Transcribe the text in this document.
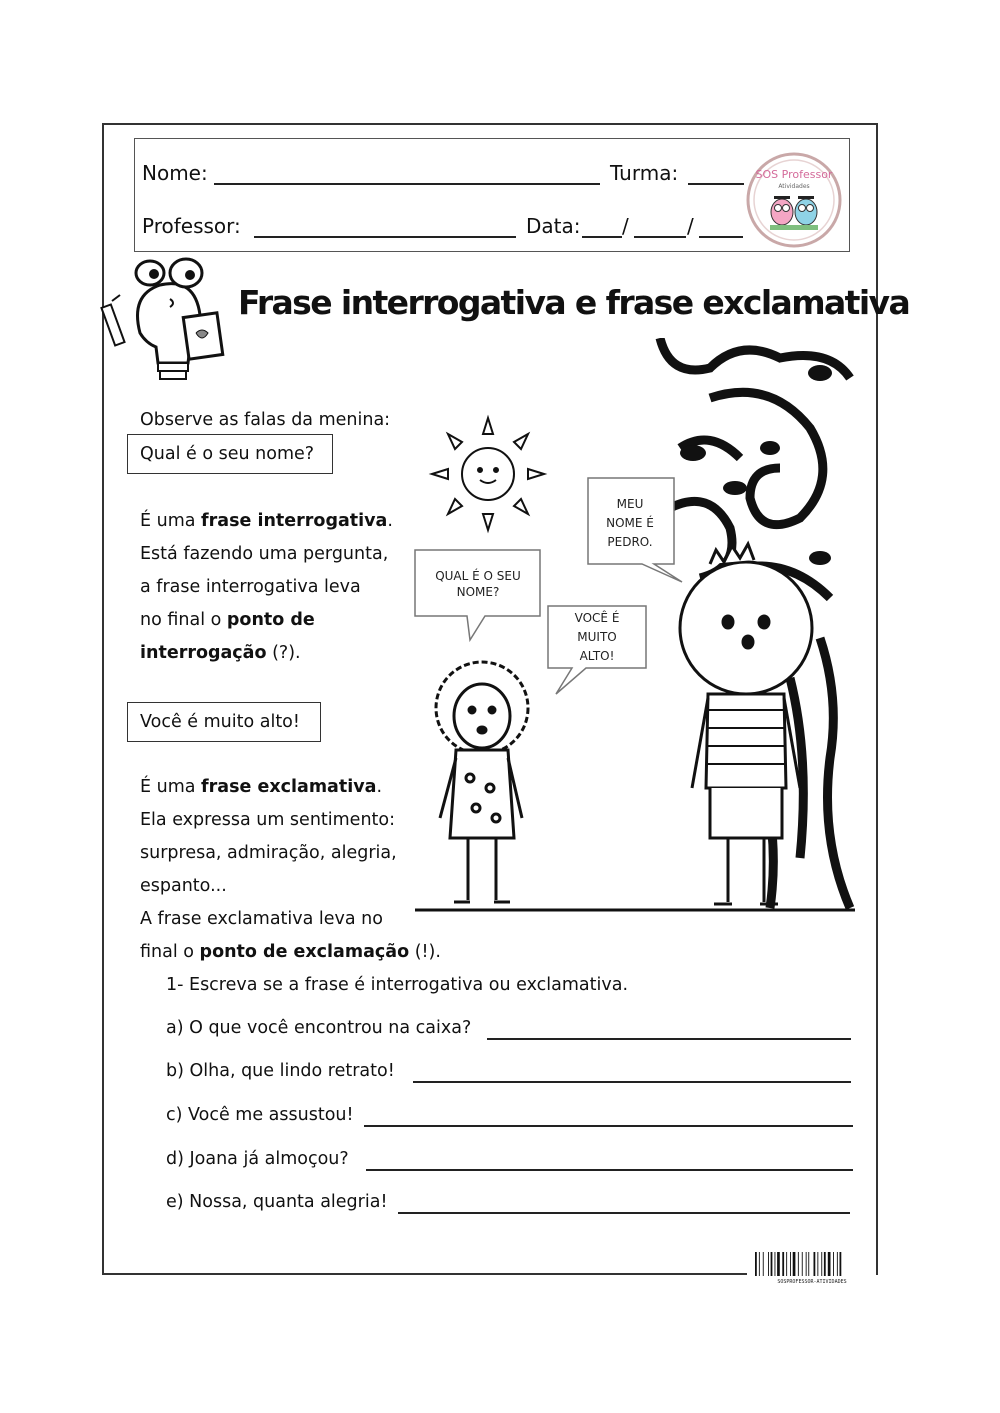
Nome:	Turma:
Professor:	Data: /	/
SOS Professor
Atividades
Frase interrogativa e frase exclamativa
Observe as falas da menina:
Qual é o seu nome?
É uma frase interrogativa.
Está fazendo uma pergunta,
a frase interrogativa leva
no final o ponto de
interrogação (?).
Você é muito alto!
É uma frase exclamativa.
Ela expressa um sentimento:
surpresa, admiração, alegria,
espanto...
A frase exclamativa leva no
final o ponto de exclamação (!).
QUAL É O SEU
NOME?
MEU
NOME É
PEDRO.
VOCÊ É
MUITO
ALTO!
1- Escreva se a frase é interrogativa ou exclamativa.
a) O que você encontrou na caixa?
b) Olha, que lindo retrato!
c) Você me assustou!
d) Joana já almoçou?
e) Nossa, quanta alegria!
SOSPROFESSOR-ATIVIDADES
